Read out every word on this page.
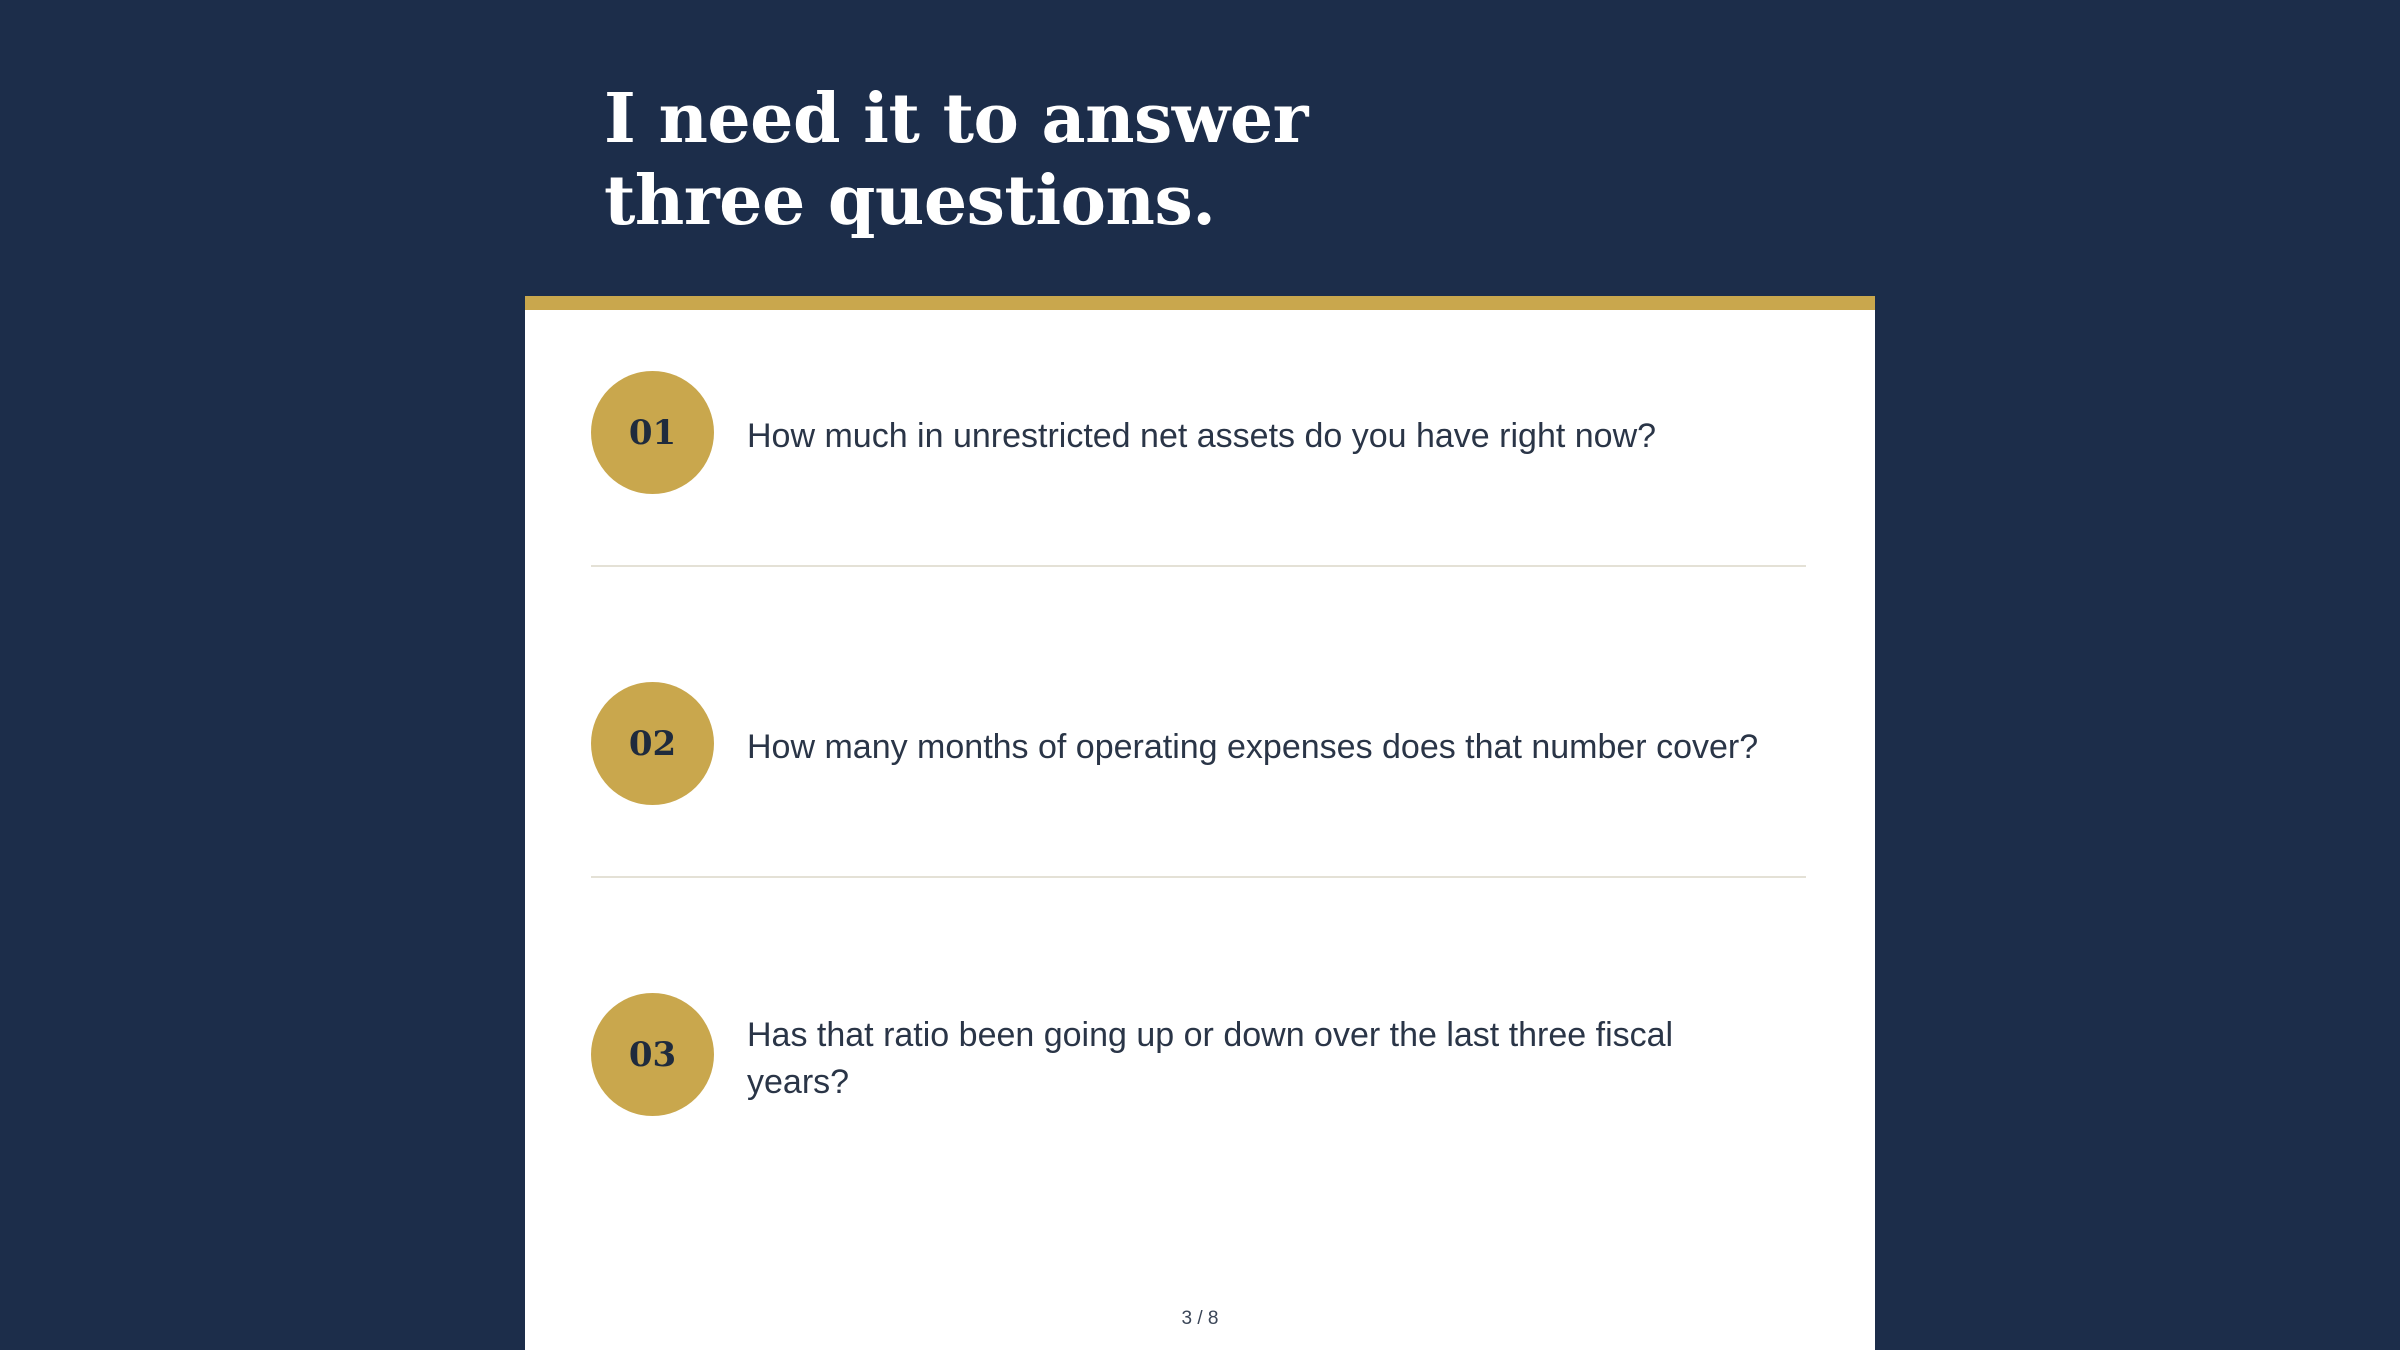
I need it to answer
three questions.
01	How much in unrestricted net assets do you have right now?
02	How many months of operating expenses does that number cover?
03	Has that ratio been going up or down over the last three fiscal years?
3 / 8
